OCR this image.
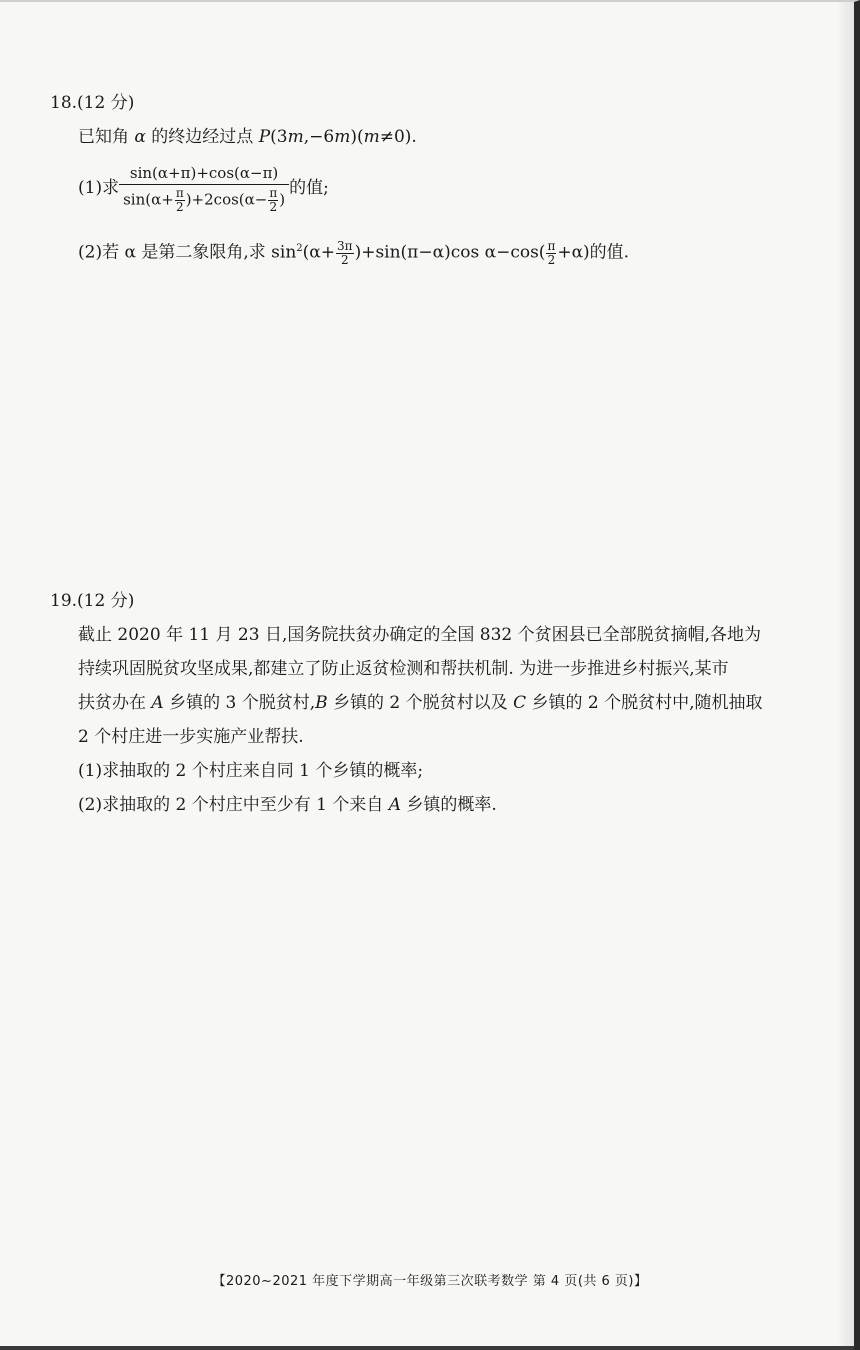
18.(12 分)
已知角 α 的终边经过点 P(3m,−6m)(m≠0).
(1)求 $\frac{\sin(\alpha+\pi)+\cos(\alpha-\pi)}{\sin(\alpha+ \frac{\pi}{2} )+2\cos(\alpha- \frac{\pi}{2} )}$ 的值;
(2)若 α 是第二象限角,求 $\sin^2(\alpha+ \frac{3\pi}{2} )+\sin(\pi-\alpha)\cos$ $\alpha-\cos( \frac{\pi}{2} +\alpha)$的值.
19.(12 分)
截止 2020 年 11 月 23 日,国务院扶贫办确定的全国 832 个贫困县已全部脱贫摘帽,各地为
持续巩固脱贫攻坚成果,都建立了防止返贫检测和帮扶机制. 为进一步推进乡村振兴,某市
扶贫办在 A 乡镇的 3 个脱贫村,B 乡镇的 2 个脱贫村以及 C 乡镇的 2 个脱贫村中,随机抽取
2 个村庄进一步实施产业帮扶.
(1)求抽取的 2 个村庄来自同 1 个乡镇的概率;
(2)求抽取的 2 个村庄中至少有 1 个来自 A 乡镇的概率.
【2020~2021 年度下学期高一年级第三次联考数学 第 4 页(共 6 页)】
